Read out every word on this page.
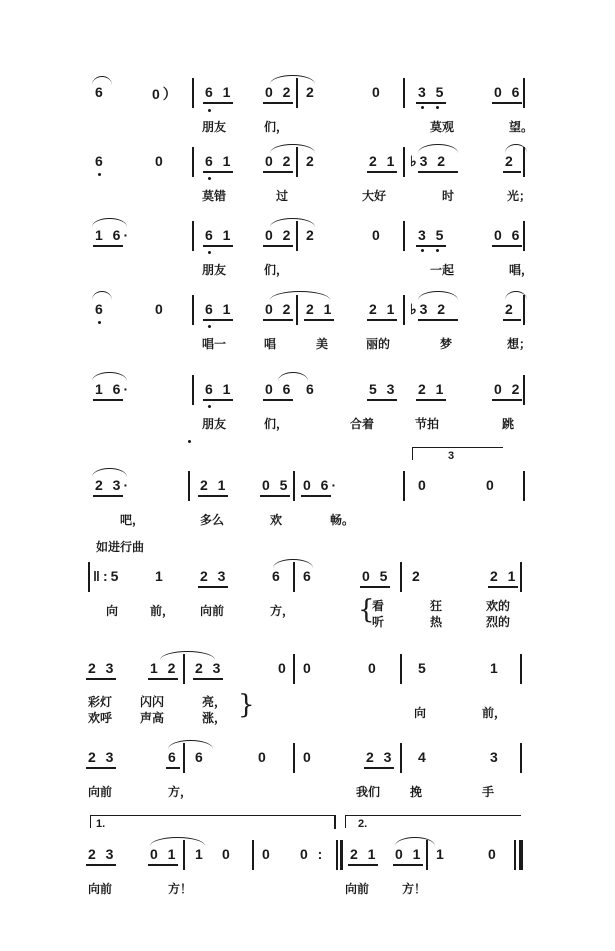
6	0） 6 1 0 2 2	0	3 5	0 6
朋友	们，	莫观	望。
6	0	6 1 0 2 2	2 1 ♭3 2	2
莫错	过	大好	时	光；
1 6·	6 1 0 2 2	0	3 5	0 6
朋友	们，	一起	唱，
6	0	6 1 0 2 2 1 2 1 ♭3 2	2
唱一	唱	美	丽的	梦	想；
1 6·	6 1 0 6 6	5 3 2 1	0 2
朋友	们，	合着	节拍	跳
3
2 3·	2 1 0 5 0 6·	0	0
吧，	多么	欢	畅。
如进行曲
‖:5 1 2 3	6 6	0 5 2	2 1
向	前， 向前	方， {
看	狂	欢的
听	热	烈的
2 3 1 2 2 3	0 0	0	5	1
彩灯 闪闪	亮，
欢呼 声高	涨， }	向	前，
2 3	6 6	0 0	2 3 4	3
向前	方，	我们 挽	手
1.	2.
2 3 0 1 1 0 0 0 : 2 1 0 1 1	0
向前	方！	向前	方！
